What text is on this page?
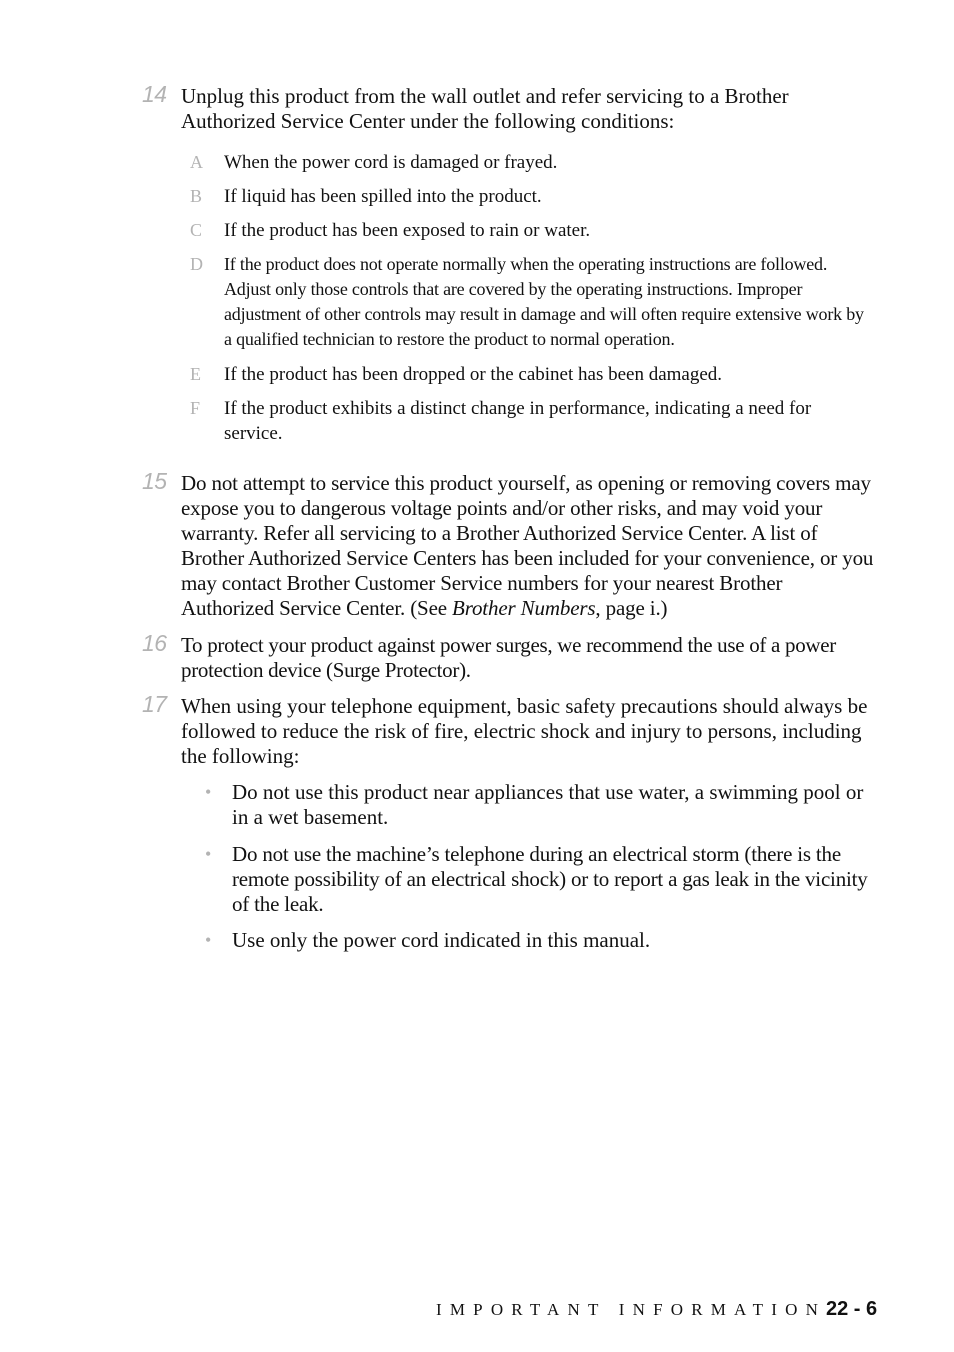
14 Unplug this product from the wall outlet and refer servicing to a Brother Authorized Service Center under the following conditions:
A When the power cord is damaged or frayed.
B If liquid has been spilled into the product.
C If the product has been exposed to rain or water.
D If the product does not operate normally when the operating instructions are followed. Adjust only those controls that are covered by the operating instructions. Improper adjustment of other controls may result in damage and will often require extensive work by a qualified technician to restore the product to normal operation.
E If the product has been dropped or the cabinet has been damaged.
F If the product exhibits a distinct change in performance, indicating a need for service.
15 Do not attempt to service this product yourself, as opening or removing covers may expose you to dangerous voltage points and/or other risks, and may void your warranty. Refer all servicing to a Brother Authorized Service Center. A list of Brother Authorized Service Centers has been included for your convenience, or you may contact Brother Customer Service numbers for your nearest Brother Authorized Service Center. (See Brother Numbers, page i.)
16 To protect your product against power surges, we recommend the use of a power protection device (Surge Protector).
17 When using your telephone equipment, basic safety precautions should always be followed to reduce the risk of fire, electric shock and injury to persons, including the following:
• Do not use this product near appliances that use water, a swimming pool or in a wet basement.
• Do not use the machine’s telephone during an electrical storm (there is the remote possibility of an electrical shock) or to report a gas leak in the vicinity of the leak.
• Use only the power cord indicated in this manual.
IMPORTANT INFORMATION 22 - 6
